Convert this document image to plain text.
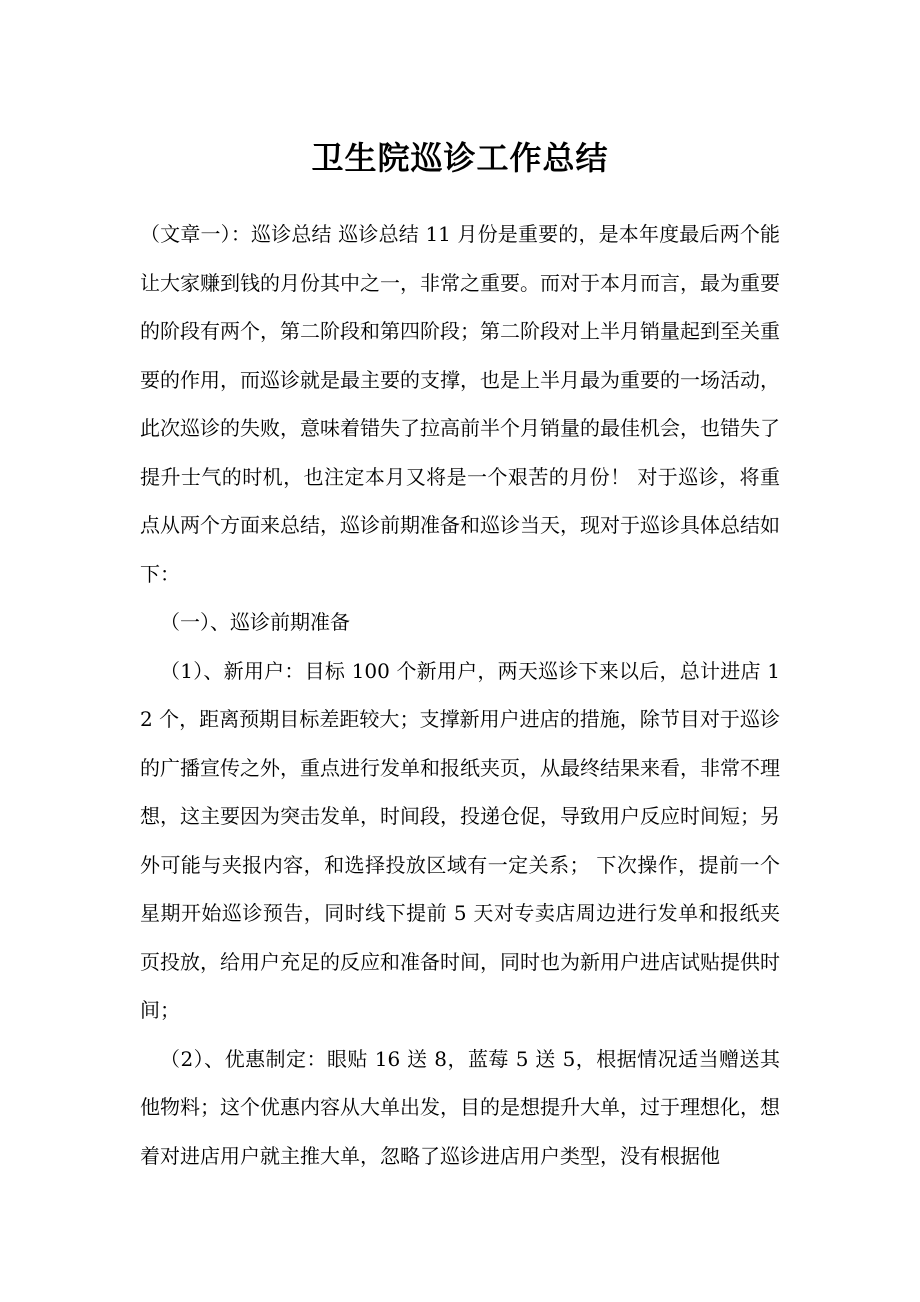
卫生院巡诊工作总结

（文章一）：巡诊总结 巡诊总结 11 月份是重要的，是本年度最后两个能让大家赚到钱的月份其中之一，非常之重要。而对于本月而言，最为重要的阶段有两个，第二阶段和第四阶段；第二阶段对上半月销量起到至关重要的作用，而巡诊就是最主要的支撑，也是上半月最为重要的一场活动，此次巡诊的失败，意味着错失了拉高前半个月销量的最佳机会，也错失了提升士气的时机，也注定本月又将是一个艰苦的月份！ 对于巡诊，将重点从两个方面来总结，巡诊前期准备和巡诊当天，现对于巡诊具体总结如下：

（一）、巡诊前期准备

（1）、新用户：目标 100 个新用户，两天巡诊下来以后，总计进店 12 个，距离预期目标差距较大；支撑新用户进店的措施，除节目对于巡诊的广播宣传之外，重点进行发单和报纸夹页，从最终结果来看，非常不理想，这主要因为突击发单，时间段，投递仓促，导致用户反应时间短；另外可能与夹报内容，和选择投放区域有一定关系； 下次操作，提前一个星期开始巡诊预告，同时线下提前 5 天对专卖店周边进行发单和报纸夹页投放，给用户充足的反应和准备时间，同时也为新用户进店试贴提供时间；

（2）、优惠制定：眼贴 16 送 8，蓝莓 5 送 5，根据情况适当赠送其他物料；这个优惠内容从大单出发，目的是想提升大单，过于理想化，想着对进店用户就主推大单，忽略了巡诊进店用户类型，没有根据他
